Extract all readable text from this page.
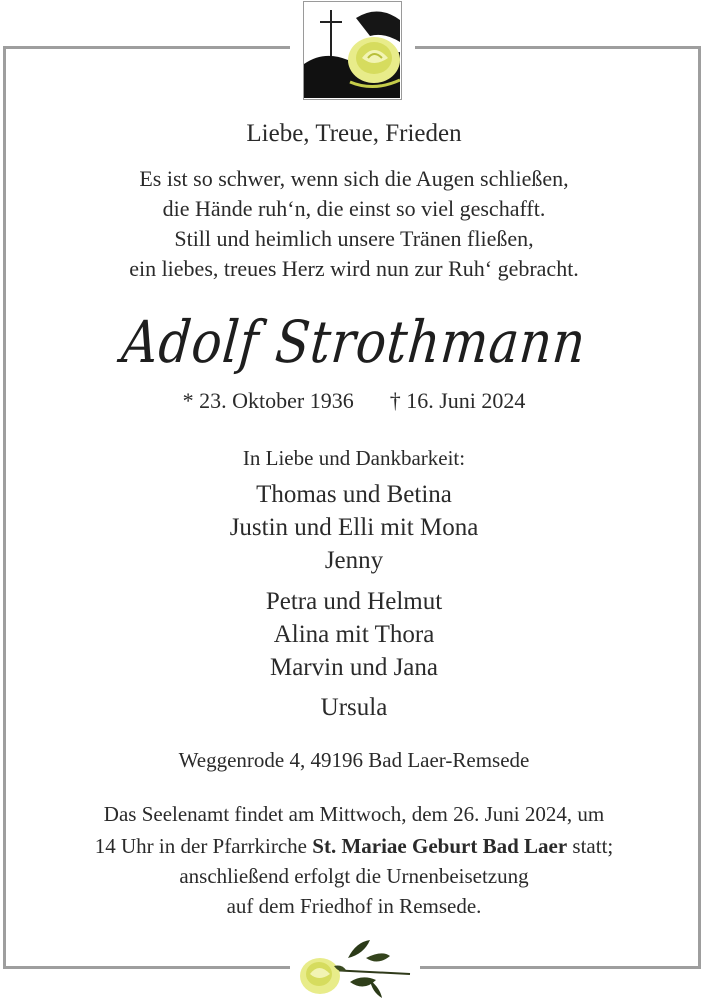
Liebe, Treue, Frieden
Es ist so schwer, wenn sich die Augen schließen,
die Hände ruh‘n, die einst so viel geschafft.
Still und heimlich unsere Tränen fließen,
ein liebes, treues Herz wird nun zur Ruh‘ gebracht.
Adolf Strothmann
* 23. Oktober 1936 † 16. Juni 2024
In Liebe und Dankbarkeit:
Thomas und Betina
Justin und Elli mit Mona
Jenny
Petra und Helmut
Alina mit Thora
Marvin und Jana
Ursula
Weggenrode 4, 49196 Bad Laer-Remsede
Das Seelenamt findet am Mittwoch, dem 26. Juni 2024, um
14 Uhr in der Pfarrkirche St. Mariae Geburt Bad Laer statt;
anschließend erfolgt die Urnenbeisetzung
auf dem Friedhof in Remsede.
